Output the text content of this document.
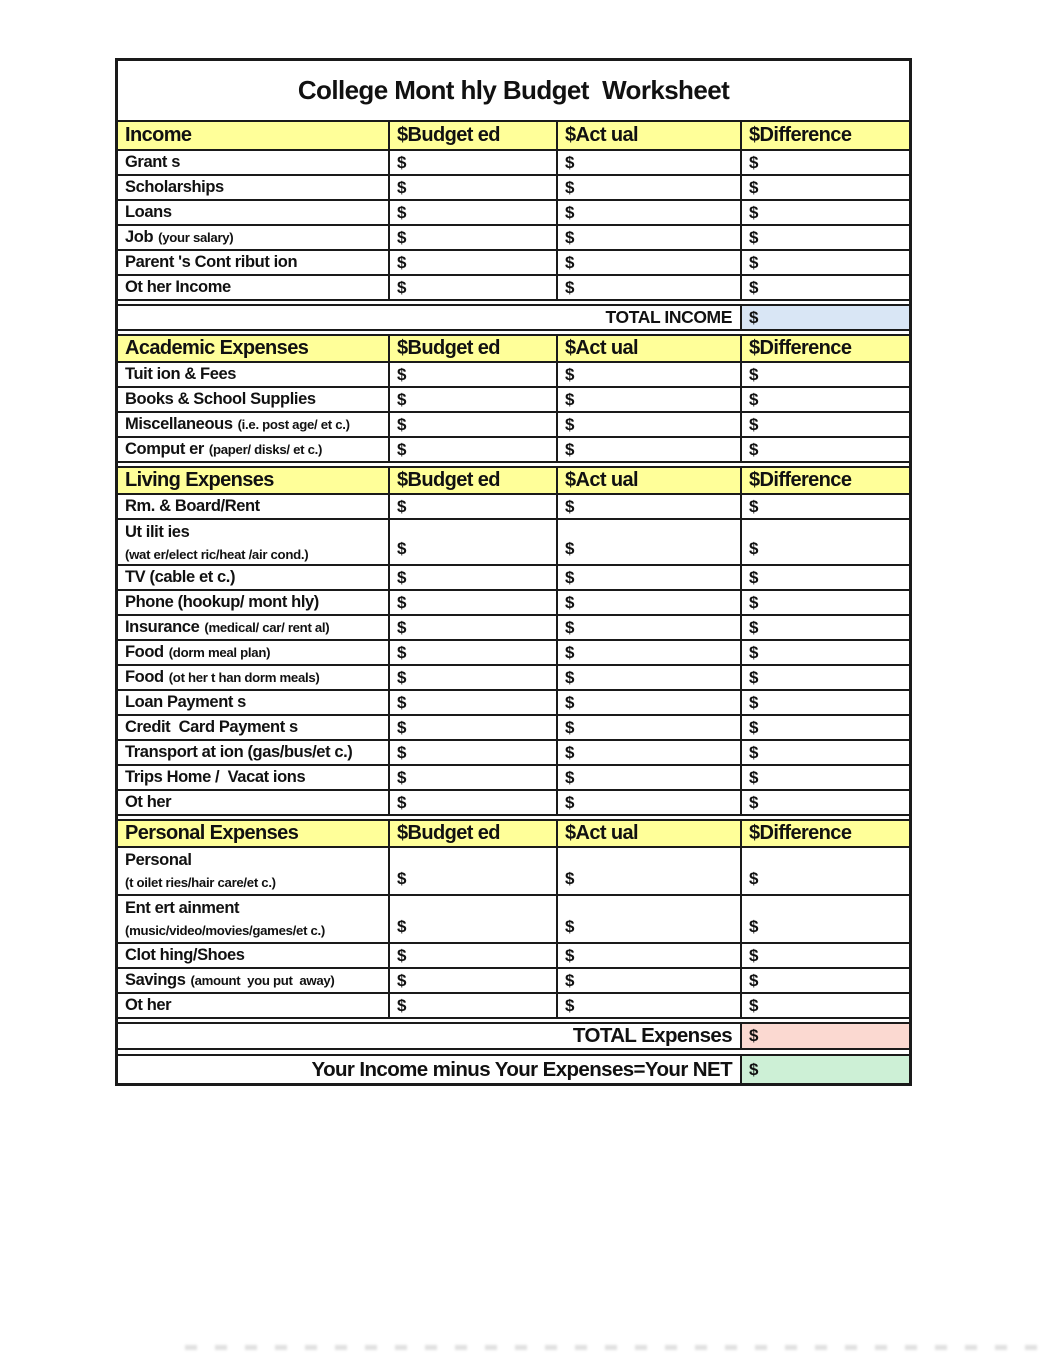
College Mont hly Budget  Worksheet
Income	$Budget ed	$Act ual	$Difference
Grant s	$	$	$
Scholarships	$	$	$
Loans	$	$	$
Job (your salary)	$	$	$
Parent 's Cont ribut ion	$	$	$
Ot her Income	$	$	$
TOTAL INCOME $
Academic Expenses	$Budget ed	$Act ual	$Difference
Tuit ion & Fees	$	$	$
Books & School Supplies	$	$	$
Miscellaneous (i.e. post age/ et c.)	$	$	$
Comput er (paper/ disks/ et c.)	$	$	$
Living Expenses	$Budget ed	$Act ual	$Difference
Rm. & Board/Rent	$	$	$
Ut ilit ies
(wat er/elect ric/heat /air cond.)	$	$	$
TV (cable et c.)	$	$	$
Phone (hookup/ mont hly)	$	$	$
Insurance (medical/ car/ rent al)	$	$	$
Food (dorm meal plan)	$	$	$
Food (ot her t han dorm meals)	$	$	$
Loan Payment s	$	$	$
Credit  Card Payment s	$	$	$
Transport at ion (gas/bus/et c.)	$	$	$
Trips Home /  Vacat ions	$	$	$
Ot her	$	$	$
Personal Expenses	$Budget ed	$Act ual	$Difference
Personal
(t oilet ries/hair care/et c.)	$	$	$
Ent ert ainment
(music/video/movies/games/et c.)	$	$	$
Clot hing/Shoes	$	$	$
Savings (amount  you put  away)	$	$	$
Ot her	$	$	$
TOTAL Expenses $
Your Income minus Your Expenses=Your NET $
